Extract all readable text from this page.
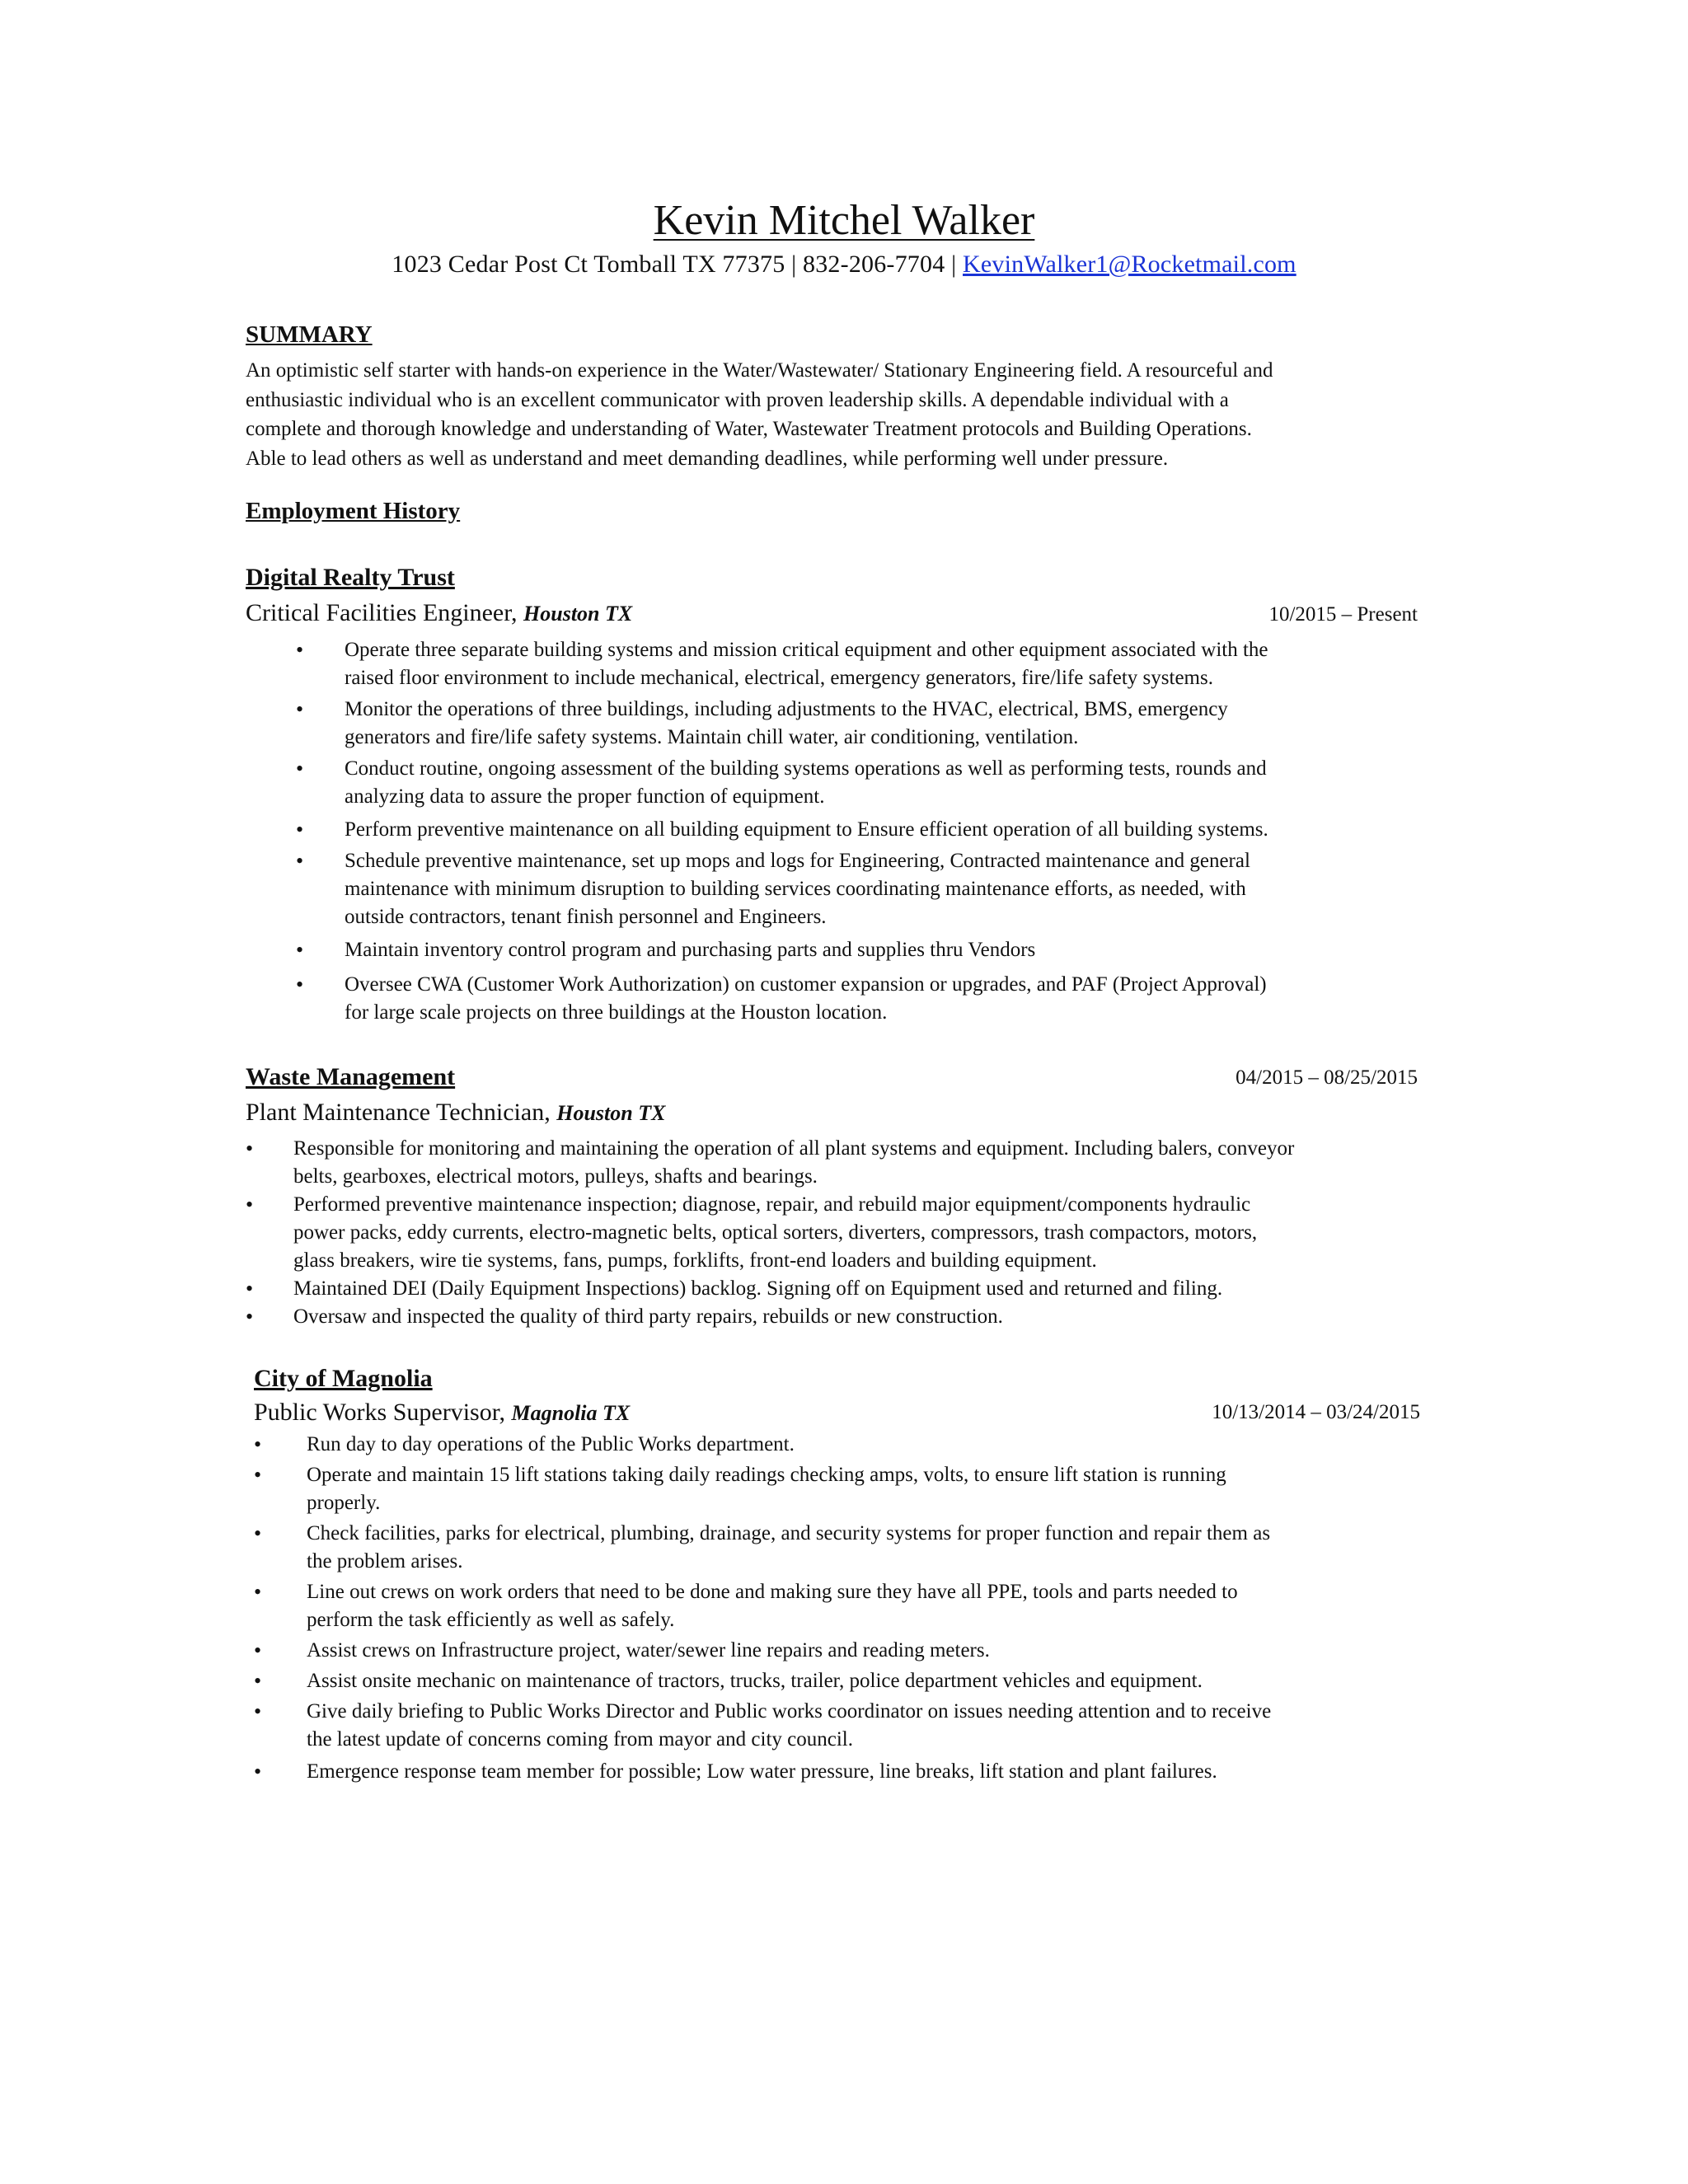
Kevin Mitchel Walker
1023 Cedar Post Ct Tomball TX 77375 | 832-206-7704 | KevinWalker1@Rocketmail.com
SUMMARY
An optimistic self starter with hands-on experience in the Water/Wastewater/ Stationary Engineering field. A resourceful and
enthusiastic individual who is an excellent communicator with proven leadership skills. A dependable individual with a
complete and thorough knowledge and understanding of Water, Wastewater Treatment protocols and Building Operations.
Able to lead others as well as understand and meet demanding deadlines, while performing well under pressure.
Employment History
Digital Realty Trust
Critical Facilities Engineer, Houston TX	10/2015 – Present
• Operate three separate building systems and mission critical equipment and other equipment associated with the
raised floor environment to include mechanical, electrical, emergency generators, fire/life safety systems.
• Monitor the operations of three buildings, including adjustments to the HVAC, electrical, BMS, emergency
generators and fire/life safety systems. Maintain chill water, air conditioning, ventilation.
• Conduct routine, ongoing assessment of the building systems operations as well as performing tests, rounds and
analyzing data to assure the proper function of equipment.
• Perform preventive maintenance on all building equipment to Ensure efficient operation of all building systems.
• Schedule preventive maintenance, set up mops and logs for Engineering, Contracted maintenance and general
maintenance with minimum disruption to building services coordinating maintenance efforts, as needed, with
outside contractors, tenant finish personnel and Engineers.
• Maintain inventory control program and purchasing parts and supplies thru Vendors
• Oversee CWA (Customer Work Authorization) on customer expansion or upgrades, and PAF (Project Approval)
for large scale projects on three buildings at the Houston location.
Waste Management	04/2015 – 08/25/2015
Plant Maintenance Technician, Houston TX
• Responsible for monitoring and maintaining the operation of all plant systems and equipment. Including balers, conveyor
belts, gearboxes, electrical motors, pulleys, shafts and bearings.
• Performed preventive maintenance inspection; diagnose, repair, and rebuild major equipment/components hydraulic
power packs, eddy currents, electro-magnetic belts, optical sorters, diverters, compressors, trash compactors, motors,
glass breakers, wire tie systems, fans, pumps, forklifts, front-end loaders and building equipment.
• Maintained DEI (Daily Equipment Inspections) backlog. Signing off on Equipment used and returned and filing.
• Oversaw and inspected the quality of third party repairs, rebuilds or new construction.
City of Magnolia
Public Works Supervisor, Magnolia TX	10/13/2014 – 03/24/2015
• Run day to day operations of the Public Works department.
• Operate and maintain 15 lift stations taking daily readings checking amps, volts, to ensure lift station is running
properly.
• Check facilities, parks for electrical, plumbing, drainage, and security systems for proper function and repair them as
the problem arises.
• Line out crews on work orders that need to be done and making sure they have all PPE, tools and parts needed to
perform the task efficiently as well as safely.
• Assist crews on Infrastructure project, water/sewer line repairs and reading meters.
• Assist onsite mechanic on maintenance of tractors, trucks, trailer, police department vehicles and equipment.
• Give daily briefing to Public Works Director and Public works coordinator on issues needing attention and to receive
the latest update of concerns coming from mayor and city council.
• Emergence response team member for possible; Low water pressure, line breaks, lift station and plant failures.
